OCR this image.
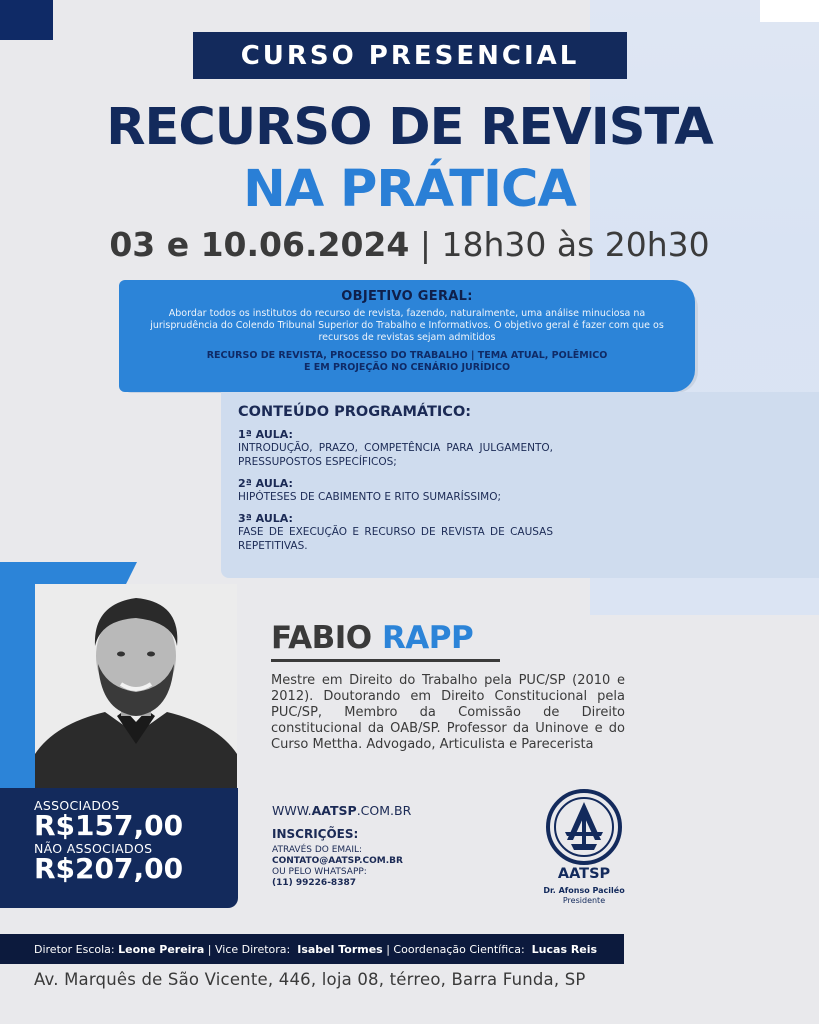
CURSO PRESENCIAL
RECURSO DE REVISTA
NA PRÁTICA
03 e 10.06.2024 | 18h30 às 20h30
OBJETIVO GERAL:
Abordar todos os institutos do recurso de revista, fazendo, naturalmente, uma análise minuciosa na jurisprudência do Colendo Tribunal Superior do Trabalho e Informativos. O objetivo geral é fazer com que os recursos de revistas sejam admitidos
RECURSO DE REVISTA, PROCESSO DO TRABALHO | TEMA ATUAL, POLÊMICO
E EM PROJEÇÃO NO CENÁRIO JURÍDICO
CONTEÚDO PROGRAMÁTICO:
1ª AULA:
INTRODUÇÃO, PRAZO, COMPETÊNCIA PARA JULGAMENTO, PRESSUPOSTOS ESPECÍFICOS;
2ª AULA:
HIPÓTESES DE CABIMENTO E RITO SUMARÍSSIMO;
3ª AULA:
FASE DE EXECUÇÃO E RECURSO DE REVISTA DE CAUSAS REPETITIVAS.
ASSOCIADOS
R$157,00
NÃO ASSOCIADOS
R$207,00
FABIO RAPP
Mestre em Direito do Trabalho pela PUC/SP (2010 e 2012). Doutorando em Direito Constitucional pela PUC/SP, Membro da Comissão de Direito constitucional da OAB/SP. Professor da Uninove e do Curso Mettha. Advogado, Articulista e Parecerista
WWW.AATSP.COM.BR
INSCRIÇÕES:
ATRAVÉS DO EMAIL:
CONTATO@AATSP.COM.BR
OU PELO WHATSAPP:
(11) 99226-8387
AATSP
Dr. Afonso Paciléo
Presidente
Diretor Escola:
Leone Pereira | Vice Diretora:
Isabel Tormes | Coordenação Científica:
Lucas Reis
Av. Marquês de São Vicente, 446, loja 08, térreo, Barra Funda, SP
